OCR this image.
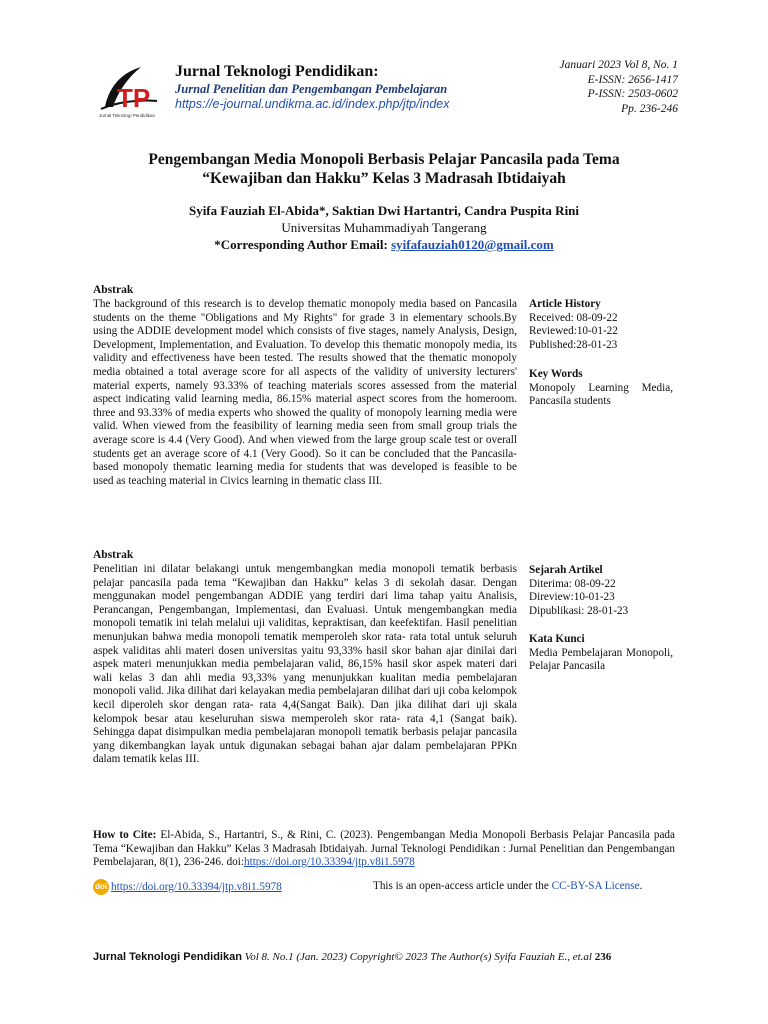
TP
Jurnal Teknologi Pendidikan
Jurnal Teknologi Pendidikan:
Jurnal Penelitian dan Pengembangan Pembelajaran
https://e-journal.undikma.ac.id/index.php/jtp/index
Januari 2023 Vol 8, No. 1
E-ISSN: 2656-1417
P-ISSN: 2503-0602
Pp. 236-246
Pengembangan Media Monopoli Berbasis Pelajar Pancasila pada Tema
“Kewajiban dan Hakku” Kelas 3 Madrasah Ibtidaiyah
Syifa Fauziah El-Abida*, Saktian Dwi Hartantri, Candra Puspita Rini
Universitas Muhammadiyah Tangerang
*Corresponding Author Email: syifafauziah0120@gmail.com
Abstrak
The background of this research is to develop thematic monopoly media based on Pancasila students on the theme "Obligations and My Rights" for grade 3 in elementary schools.By using the ADDIE development model which consists of five stages, namely Analysis, Design, Development, Implementation, and Evaluation. To develop this thematic monopoly media, its validity and effectiveness have been tested. The results showed that the thematic monopoly media obtained a total average score for all aspects of the validity of university lecturers' material experts, namely 93.33% of teaching materials scores assessed from the material aspect indicating valid learning media, 86.15% material aspect scores from the homeroom. three and 93.33% of media experts who showed the quality of monopoly learning media were valid. When viewed from the feasibility of learning media seen from small group trials the average score is 4.4 (Very Good). And when viewed from the large group scale test or overall students get an average score of 4.1 (Very Good). So it can be concluded that the Pancasila-based monopoly thematic learning media for students that was developed is feasible to be used as teaching material in Civics learning in thematic class III.
Article History
Received: 08-09-22
Reviewed:10-01-22
Published:28-01-23
Key Words
Monopoly Learning Media, Pancasila students
Abstrak
Penelitian ini dilatar belakangi untuk mengembangkan media monopoli tematik berbasis pelajar pancasila pada tema “Kewajiban dan Hakku” kelas 3 di sekolah dasar. Dengan menggunakan model pengembangan ADDIE yang terdiri dari lima tahap yaitu Analisis, Perancangan, Pengembangan, Implementasi, dan Evaluasi. Untuk mengembangkan media monopoli tematik ini telah melalui uji validitas, kepraktisan, dan keefektifan. Hasil penelitian menunjukan bahwa media monopoli tematik memperoleh skor rata- rata total untuk seluruh aspek validitas ahli materi dosen universitas yaitu 93,33% hasil skor bahan ajar dinilai dari aspek materi menunjukkan media pembelajaran valid, 86,15% hasil skor aspek materi dari wali kelas 3 dan ahli media 93,33% yang menunjukkan kualitan media pembelajaran monopoli valid. Jika dilihat dari kelayakan media pembelajaran dilihat dari uji coba kelompok kecil diperoleh skor dengan rata- rata 4,4(Sangat Baik). Dan jika dilihat dari uji skala kelompok besar atau keseluruhan siswa memperoleh skor rata- rata 4,1 (Sangat baik). Sehingga dapat disimpulkan media pembelajaran monopoli tematik berbasis pelajar pancasila yang dikembangkan layak untuk digunakan sebagai bahan ajar dalam pembelajaran PPKn dalam tematik kelas III.
Sejarah Artikel
Diterima: 08-09-22
Direview:10-01-23
Dipublikasi: 28-01-23
Kata Kunci
Media Pembelajaran Monopoli, Pelajar Pancasila
How to Cite: El-Abida, S., Hartantri, S., & Rini, C. (2023). Pengembangan Media Monopoli Berbasis Pelajar Pancasila pada Tema “Kewajiban dan Hakku” Kelas 3 Madrasah Ibtidaiyah. Jurnal Teknologi Pendidikan : Jurnal Penelitian dan Pengembangan Pembelajaran, 8(1), 236-246. doi:https://doi.org/10.33394/jtp.v8i1.5978
doi https://doi.org/10.33394/jtp.v8i1.5978	This is an open-access article under the CC-BY-SA License.
Jurnal Teknologi Pendidikan Vol 8. No.1 (Jan. 2023) Copyright© 2023 The Author(s) Syifa Fauziah E., et.al 236
